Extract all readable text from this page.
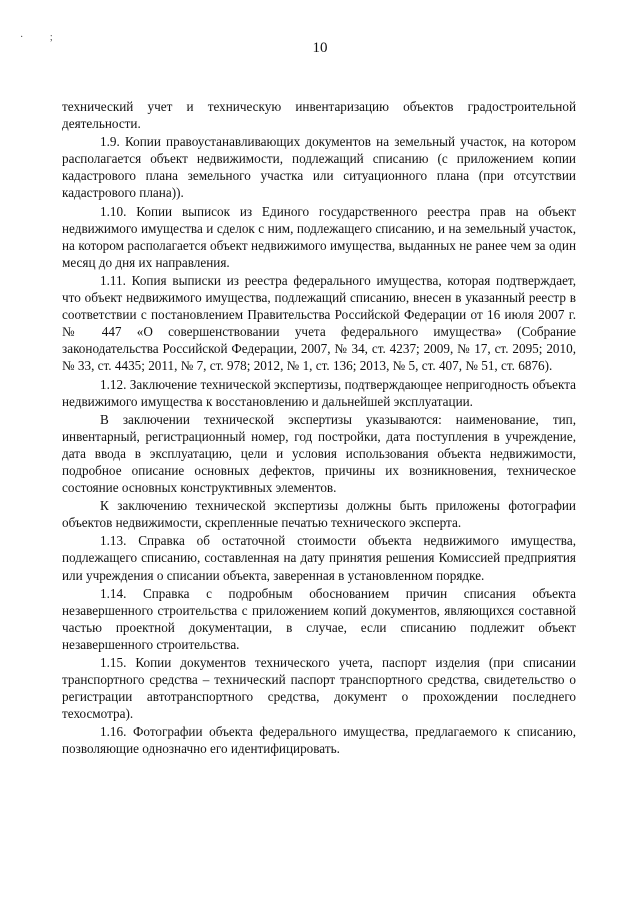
· ;
10

технический учет и техническую инвентаризацию объектов градостроительной деятельности.

1.9. Копии правоустанавливающих документов на земельный участок, на котором располагается объект недвижимости, подлежащий списанию (с приложением копии кадастрового плана земельного участка или ситуационного плана (при отсутствии кадастрового плана)).

1.10. Копии выписок из Единого государственного реестра прав на объект недвижимого имущества и сделок с ним, подлежащего списанию, и на земельный участок, на котором располагается объект недвижимого имущества, выданных не ранее чем за один месяц до дня их направления.

1.11. Копия выписки из реестра федерального имущества, которая подтверждает, что объект недвижимого имущества, подлежащий списанию, внесен в указанный реестр в соответствии с постановлением Правительства Российской Федерации от 16 июля 2007 г. № 447 «О совершенствовании учета федерального имущества» (Собрание законодательства Российской Федерации, 2007, № 34, ст. 4237; 2009, № 17, ст. 2095; 2010, № 33, ст. 4435; 2011, № 7, ст. 978; 2012, № 1, ст. 136; 2013, № 5, ст. 407, № 51, ст. 6876).

1.12. Заключение технической экспертизы, подтверждающее непригодность объекта недвижимого имущества к восстановлению и дальнейшей эксплуатации.

В заключении технической экспертизы указываются: наименование, тип, инвентарный, регистрационный номер, год постройки, дата поступления в учреждение, дата ввода в эксплуатацию, цели и условия использования объекта недвижимости, подробное описание основных дефектов, причины их возникновения, техническое состояние основных конструктивных элементов.

К заключению технической экспертизы должны быть приложены фотографии объектов недвижимости, скрепленные печатью технического эксперта.

1.13. Справка об остаточной стоимости объекта недвижимого имущества, подлежащего списанию, составленная на дату принятия решения Комиссией предприятия или учреждения о списании объекта, заверенная в установленном порядке.

1.14. Справка с подробным обоснованием причин списания объекта незавершенного строительства с приложением копий документов, являющихся составной частью проектной документации, в случае, если списанию подлежит объект незавершенного строительства.

1.15. Копии документов технического учета, паспорт изделия (при списании транспортного средства – технический паспорт транспортного средства, свидетельство о регистрации автотранспортного средства, документ о прохождении последнего техосмотра).

1.16. Фотографии объекта федерального имущества, предлагаемого к списанию, позволяющие однозначно его идентифицировать.
